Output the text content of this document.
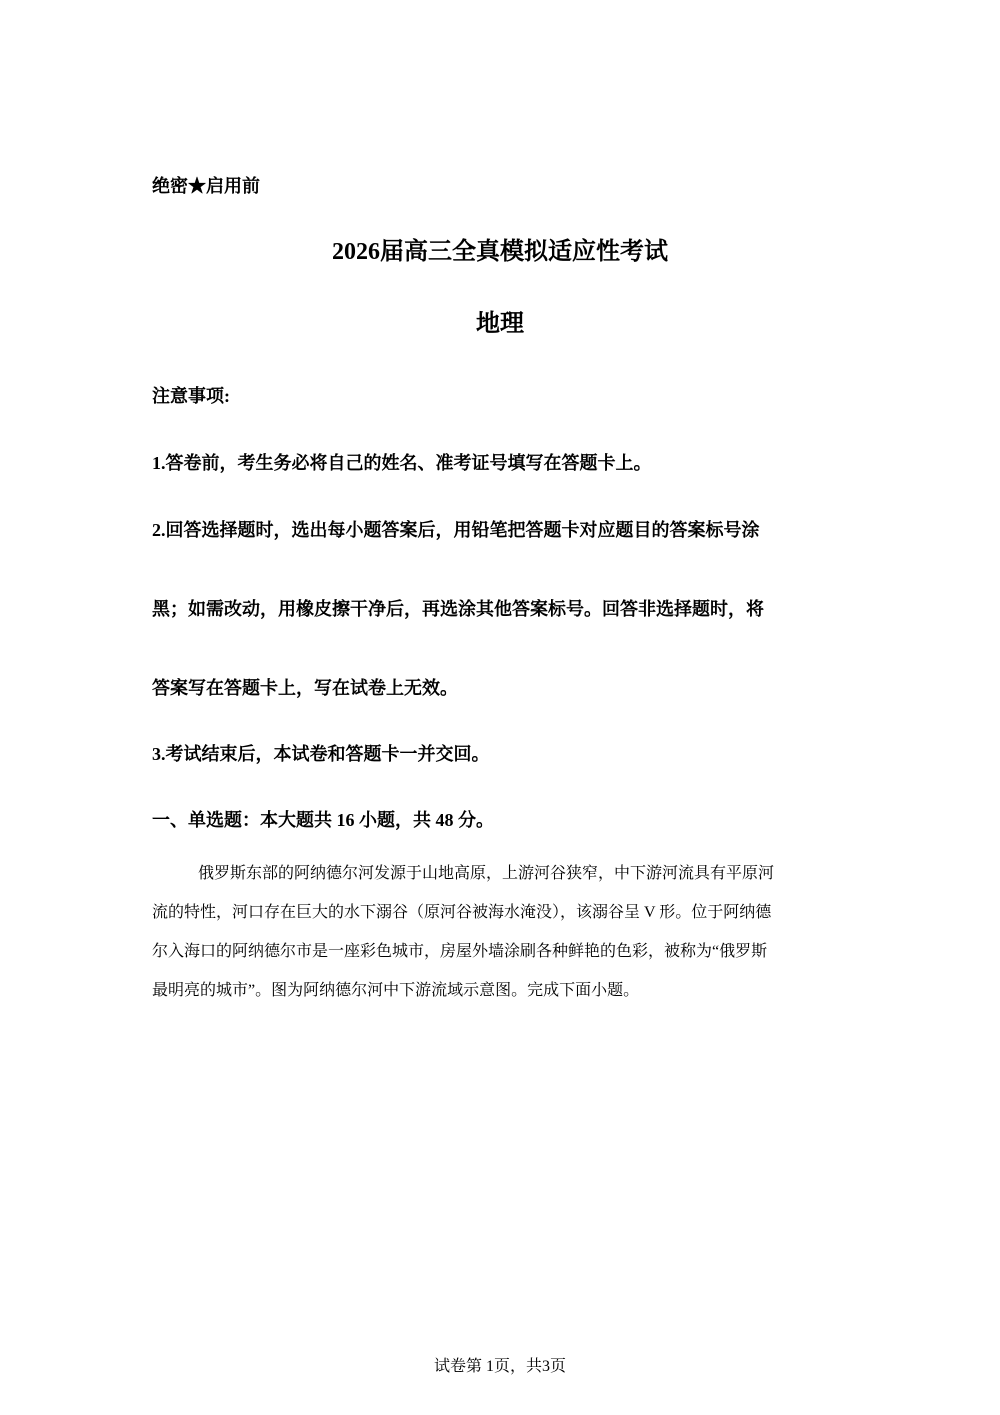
绝密★启用前
2026届高三全真模拟适应性考试
地理
注意事项:
1.答卷前，考生务必将自己的姓名、准考证号填写在答题卡上。
2.回答选择题时，选出每小题答案后，用铅笔把答题卡对应题目的答案标号涂
黑；如需改动，用橡皮擦干净后，再选涂其他答案标号。回答非选择题时，将
答案写在答题卡上，写在试卷上无效。
3.考试结束后，本试卷和答题卡一并交回。
一、单选题：本大题共 16 小题，共 48 分。
俄罗斯东部的阿纳德尔河发源于山地高原，上游河谷狭窄，中下游河流具有平原河
流的特性，河口存在巨大的水下溺谷（原河谷被海水淹没），该溺谷呈 V 形。位于阿纳德
尔入海口的阿纳德尔市是一座彩色城市，房屋外墙涂刷各种鲜艳的色彩，被称为“俄罗斯
最明亮的城市”。图为阿纳德尔河中下游流域示意图。完成下面小题。
试卷第 1页，共3页
